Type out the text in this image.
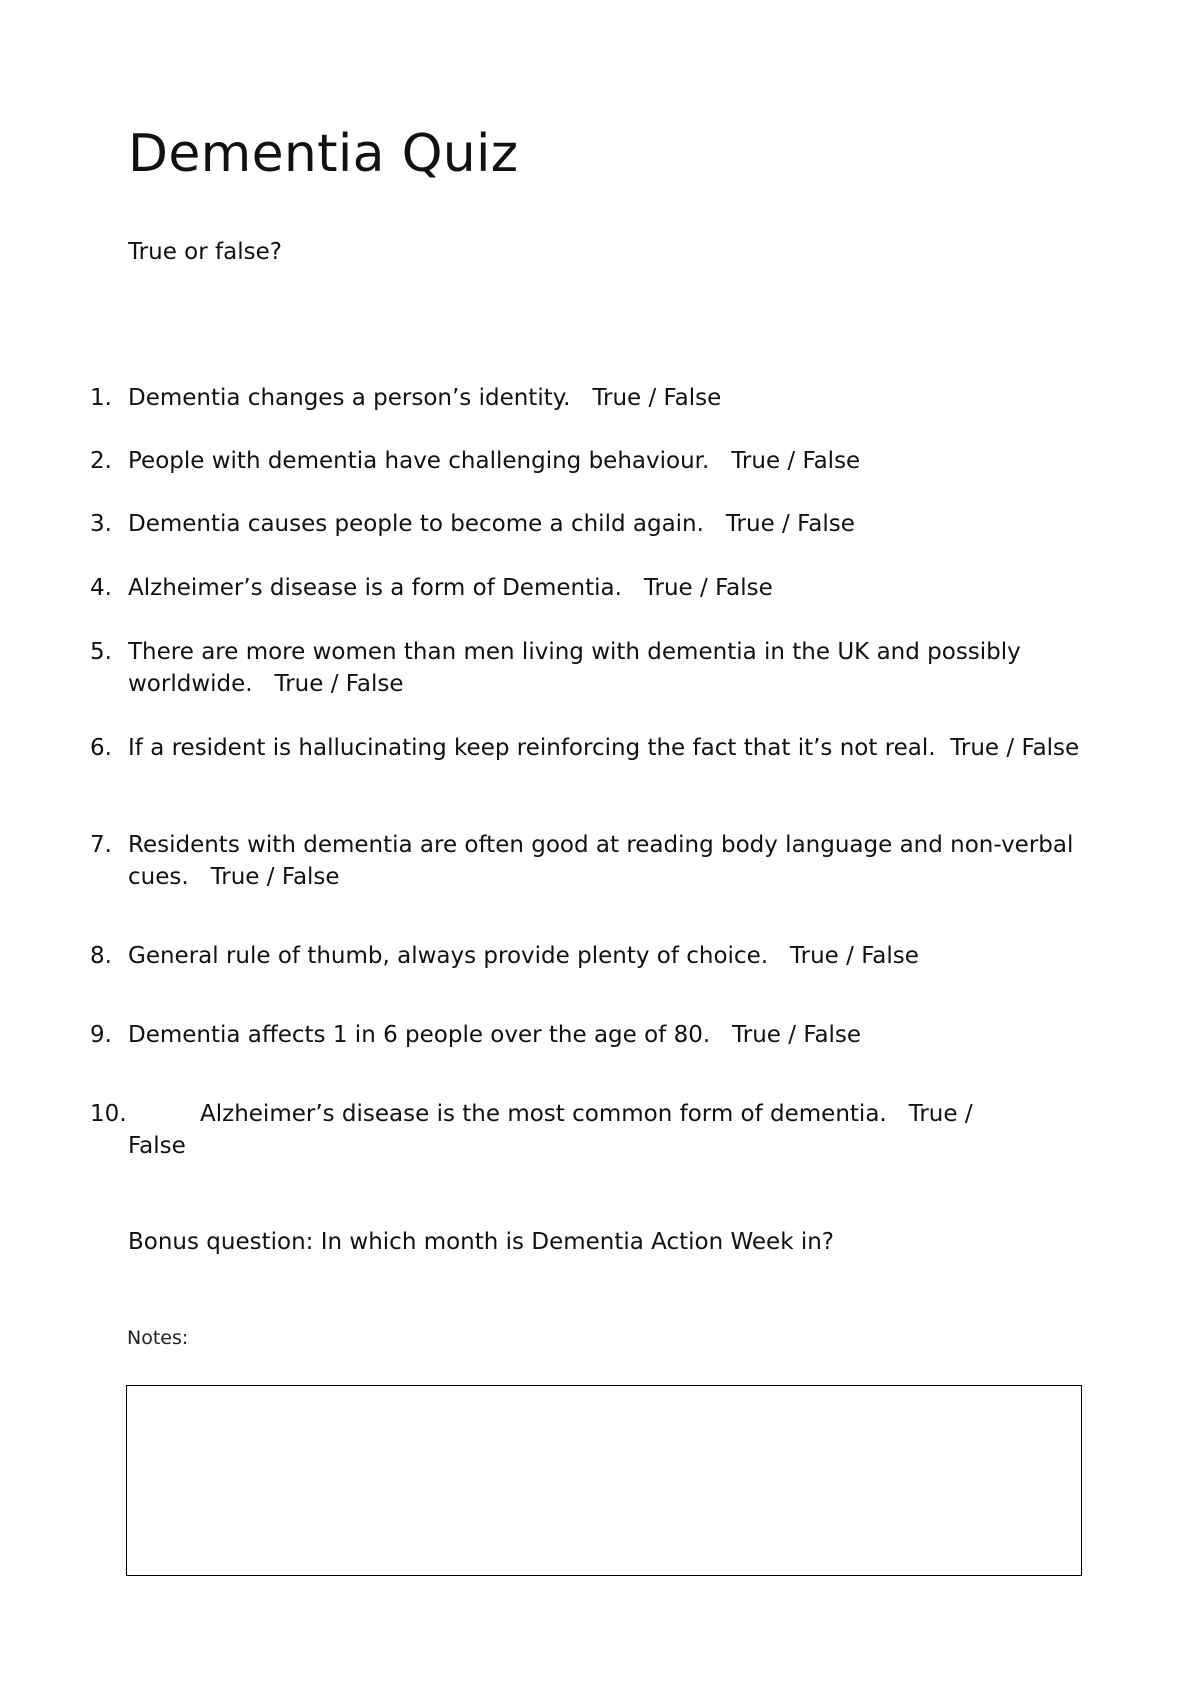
Dementia Quiz
True or false?
1. Dementia changes a person’s identity. True / False
2. People with dementia have challenging behaviour. True / False
3. Dementia causes people to become a child again. True / False
4. Alzheimer’s disease is a form of Dementia. True / False
5. There are more women than men living with dementia in the UK and possibly worldwide. True / False
6. If a resident is hallucinating keep reinforcing the fact that it’s not real. True / False
7. Residents with dementia are often good at reading body language and non-verbal cues. True / False
8. General rule of thumb, always provide plenty of choice. True / False
9. Dementia affects 1 in 6 people over the age of 80. True / False
10.	Alzheimer’s disease is the most common form of dementia. True /
False
Bonus question: In which month is Dementia Action Week in?
Notes:
